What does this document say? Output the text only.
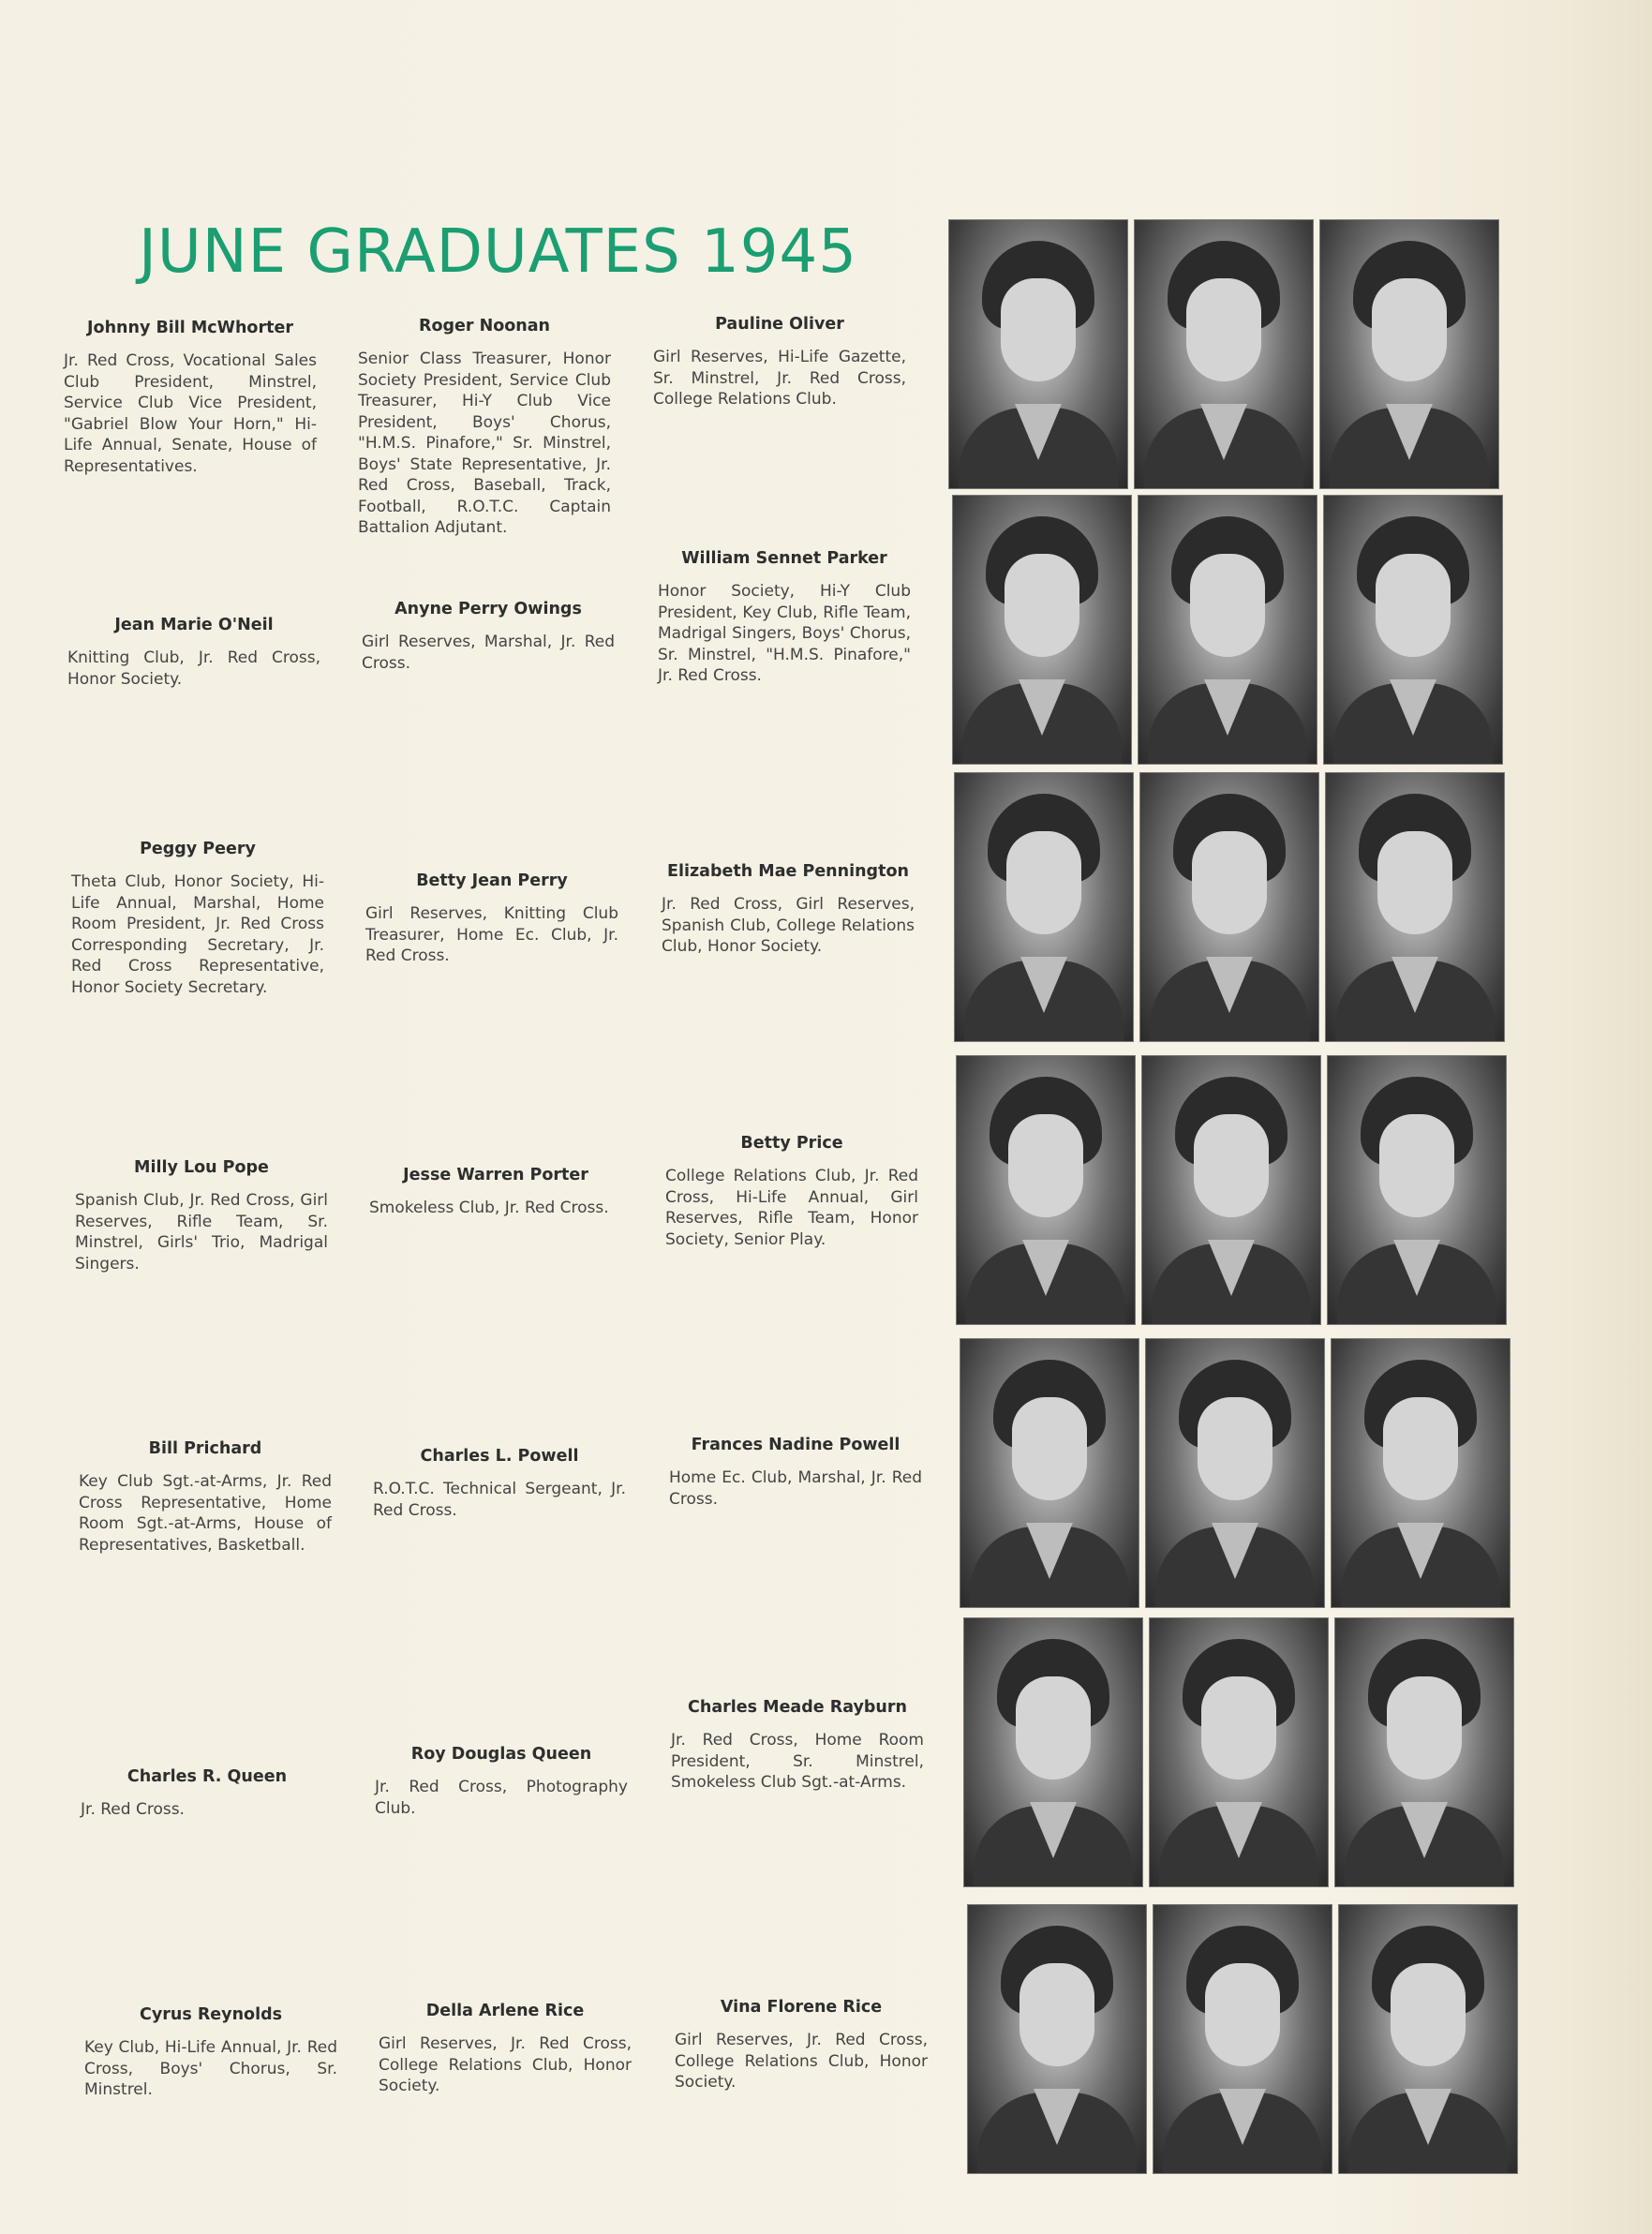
JUNE GRADUATES 1945

Johnny Bill McWhorter

Jr. Red Cross, Vocational Sales Club President, Minstrel, Service Club Vice President, "Gabriel Blow Your Horn," Hi-Life Annual, Senate, House of Representatives.

Roger Noonan

Senior Class Treasurer, Honor Society President, Service Club Treasurer, Hi-Y Club Vice President, Boys' Chorus, "H.M.S. Pinafore," Sr. Minstrel, Boys' State Representative, Jr. Red Cross, Baseball, Track, Football, R.O.T.C. Captain Battalion Adjutant.

Pauline Oliver

Girl Reserves, Hi-Life Gazette, Sr. Minstrel, Jr. Red Cross, College Relations Club.

Jean Marie O'Neil

Knitting Club, Jr. Red Cross, Honor Society.

Anyne Perry Owings

Girl Reserves, Marshal, Jr. Red Cross.

William Sennet Parker

Honor Society, Hi-Y Club President, Key Club, Rifle Team, Madrigal Singers, Boys' Chorus, Sr. Minstrel, "H.M.S. Pinafore," Jr. Red Cross.

Peggy Peery

Theta Club, Honor Society, Hi-Life Annual, Marshal, Home Room President, Jr. Red Cross Corresponding Secretary, Jr. Red Cross Representative, Honor Society Secretary.

Betty Jean Perry

Girl Reserves, Knitting Club Treasurer, Home Ec. Club, Jr. Red Cross.

Elizabeth Mae Pennington

Jr. Red Cross, Girl Reserves, Spanish Club, College Relations Club, Honor Society.

Milly Lou Pope

Spanish Club, Jr. Red Cross, Girl Reserves, Rifle Team, Sr. Minstrel, Girls' Trio, Madrigal Singers.

Jesse Warren Porter

Smokeless Club, Jr. Red Cross.

Betty Price

College Relations Club, Jr. Red Cross, Hi-Life Annual, Girl Reserves, Rifle Team, Honor Society, Senior Play.

Bill Prichard

Key Club Sgt.-at-Arms, Jr. Red Cross Representative, Home Room Sgt.-at-Arms, House of Representatives, Basketball.

Charles L. Powell

R.O.T.C. Technical Sergeant, Jr. Red Cross.

Frances Nadine Powell

Home Ec. Club, Marshal, Jr. Red Cross.

Charles R. Queen

Jr. Red Cross.

Roy Douglas Queen

Jr. Red Cross, Photography Club.

Charles Meade Rayburn

Jr. Red Cross, Home Room President, Sr. Minstrel, Smokeless Club Sgt.-at-Arms.

Cyrus Reynolds

Key Club, Hi-Life Annual, Jr. Red Cross, Boys' Chorus, Sr. Minstrel.

Della Arlene Rice

Girl Reserves, Jr. Red Cross, College Relations Club, Honor Society.

Vina Florene Rice

Girl Reserves, Jr. Red Cross, College Relations Club, Honor Society.
